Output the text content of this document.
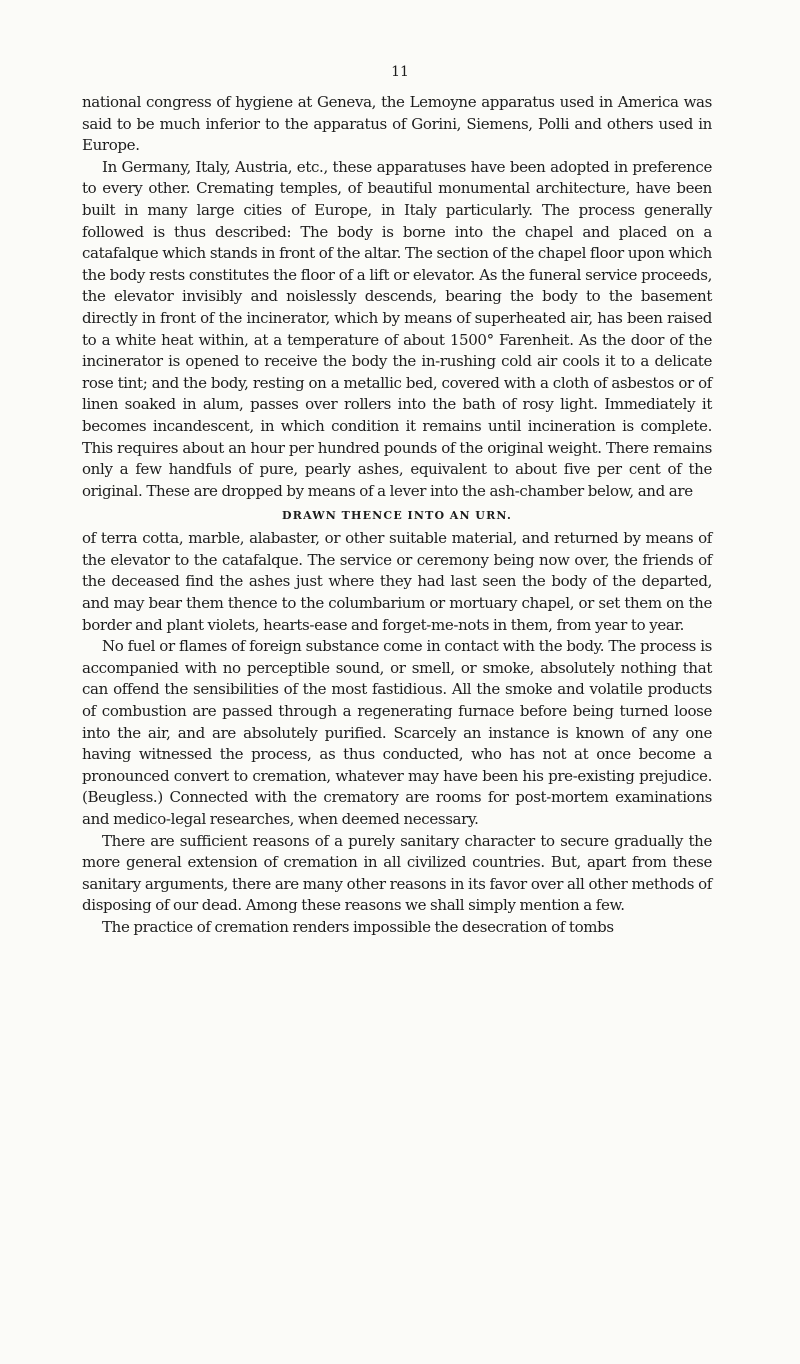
11

national congress of hygiene at Geneva, the Lemoyne apparatus used in America was said to be much inferior to the apparatus of Gorini, Siemens, Polli and others used in Europe.

In Germany, Italy, Austria, etc., these apparatuses have been adopted in preference to every other. Cremating temples, of beautiful monumental architecture, have been built in many large cities of Europe, in Italy particularly. The process generally followed is thus described: The body is borne into the chapel and placed on a catafalque which stands in front of the altar. The section of the chapel floor upon which the body rests constitutes the floor of a lift or elevator. As the funeral service proceeds, the elevator invisibly and noislessly descends, bearing the body to the basement directly in front of the incinerator, which by means of superheated air, has been raised to a white heat within, at a temperature of about 1500° Farenheit. As the door of the incinerator is opened to receive the body the in-rushing cold air cools it to a delicate rose tint; and the body, resting on a metallic bed, covered with a cloth of asbestos or of linen soaked in alum, passes over rollers into the bath of rosy light. Immediately it becomes incandescent, in which condition it remains until incineration is complete. This requires about an hour per hundred pounds of the original weight. There remains only a few handfuls of pure, pearly ashes, equivalent to about five per cent of the original. These are dropped by means of a lever into the ash-chamber below, and are

DRAWN THENCE INTO AN URN.

of terra cotta, marble, alabaster, or other suitable material, and returned by means of the elevator to the catafalque. The service or ceremony being now over, the friends of the deceased find the ashes just where they had last seen the body of the departed, and may bear them thence to the columbarium or mortuary chapel, or set them on the border and plant violets, hearts-ease and forget-me-nots in them, from year to year.

No fuel or flames of foreign substance come in contact with the body. The process is accompanied with no perceptible sound, or smell, or smoke, absolutely nothing that can offend the sensibilities of the most fastidious. All the smoke and volatile products of combustion are passed through a regenerating furnace before being turned loose into the air, and are absolutely purified. Scarcely an instance is known of any one having witnessed the process, as thus conducted, who has not at once become a pronounced convert to cremation, whatever may have been his pre-existing prejudice. (Beugless.) Connected with the crematory are rooms for post-mortem examinations and medico-legal researches, when deemed necessary.

There are sufficient reasons of a purely sanitary character to secure gradually the more general extension of cremation in all civilized countries. But, apart from these sanitary arguments, there are many other reasons in its favor over all other methods of disposing of our dead. Among these reasons we shall simply mention a few.

The practice of cremation renders impossible the desecration of tombs
